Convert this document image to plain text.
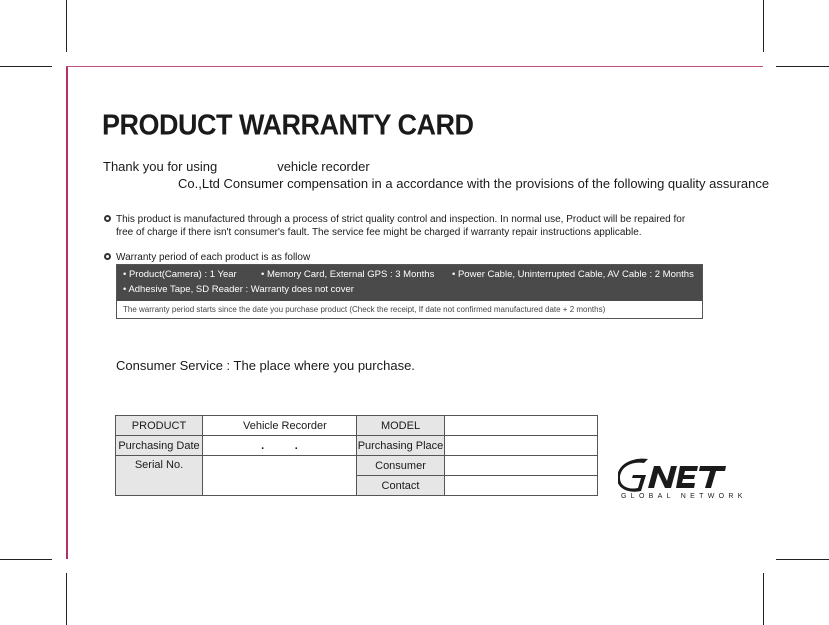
PRODUCT WARRANTY CARD
Thank you for using	vehicle recorder
Co.,Ltd Consumer compensation in a accordance with the provisions of the following quality assurance
This product is manufactured through a process of strict quality control and inspection. In normal use, Product will be repaired for
free of charge if there isn't consumer's fault. The service fee might be charged if warranty repair instructions applicable.
Warranty period of each product is as follow
• Product(Camera) : 1 Year	• Memory Card, External GPS : 3 Months • Power Cable, Uninterrupted Cable, AV Cable : 2 Months
• Adhesive Tape, SD Reader : Warranty does not cover
The warranty period starts since the date you purchase product (Check the receipt, If date not confirmed manufactured date + 2 months)
Consumer Service : The place where you purchase.
PRODUCT	Vehicle Recorder	MODEL	
Purchasing Date	.          .	Purchasing Place	
Serial No.		Consumer	
		Contact	
GLOBAL NETWORK
